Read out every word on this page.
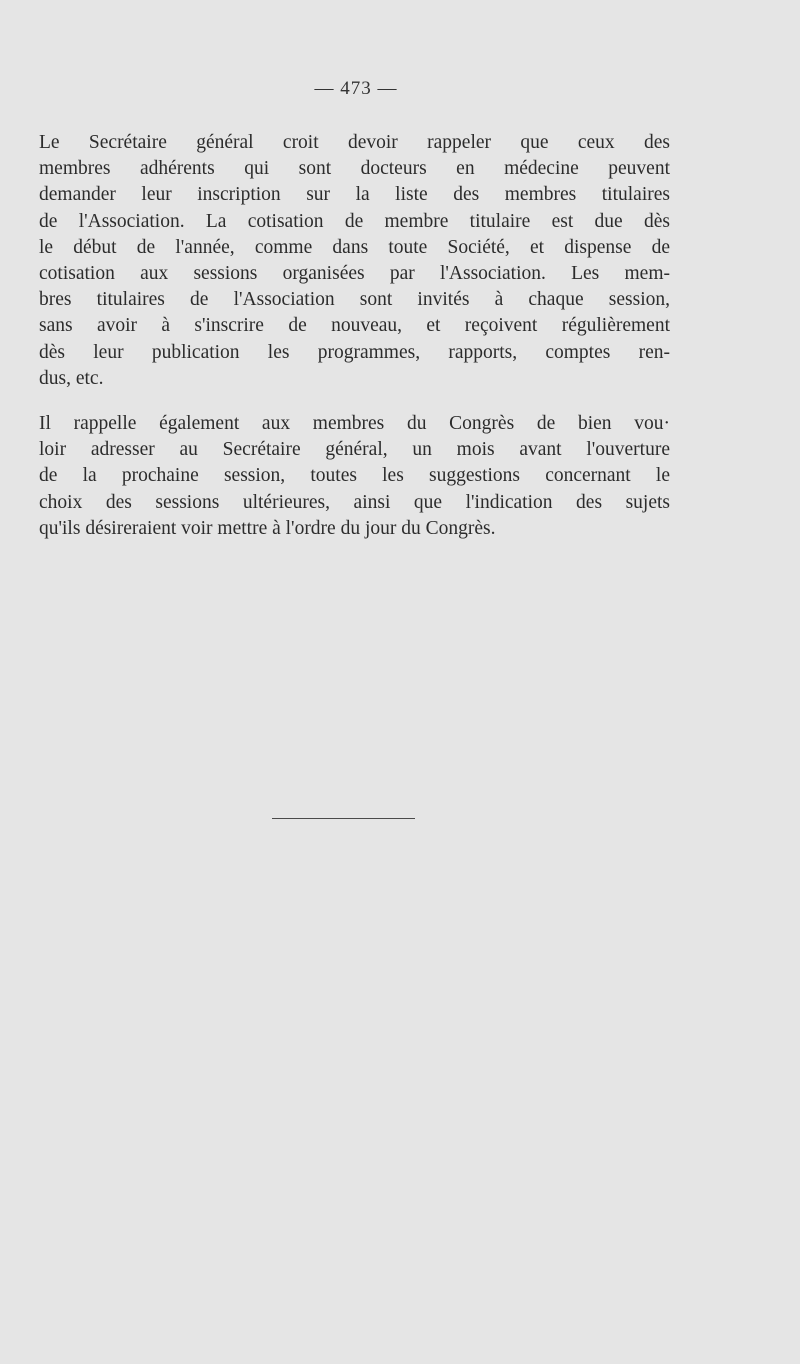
— 473 —
Le Secrétaire général croit devoir rappeler que ceux des
membres adhérents qui sont docteurs en médecine peuvent
demander leur inscription sur la liste des membres titulaires
de l'Association. La cotisation de membre titulaire est due dès
le début de l'année, comme dans toute Société, et dispense de
cotisation aux sessions organisées par l'Association. Les mem-
bres titulaires de l'Association sont invités à chaque session,
sans avoir à s'inscrire de nouveau, et reçoivent régulièrement
dès leur publication les programmes, rapports, comptes ren-
dus, etc.
Il rappelle également aux membres du Congrès de bien vou·
loir adresser au Secrétaire général, un mois avant l'ouverture
de la prochaine session, toutes les suggestions concernant le
choix des sessions ultérieures, ainsi que l'indication des sujets
qu'ils désireraient voir mettre à l'ordre du jour du Congrès.
